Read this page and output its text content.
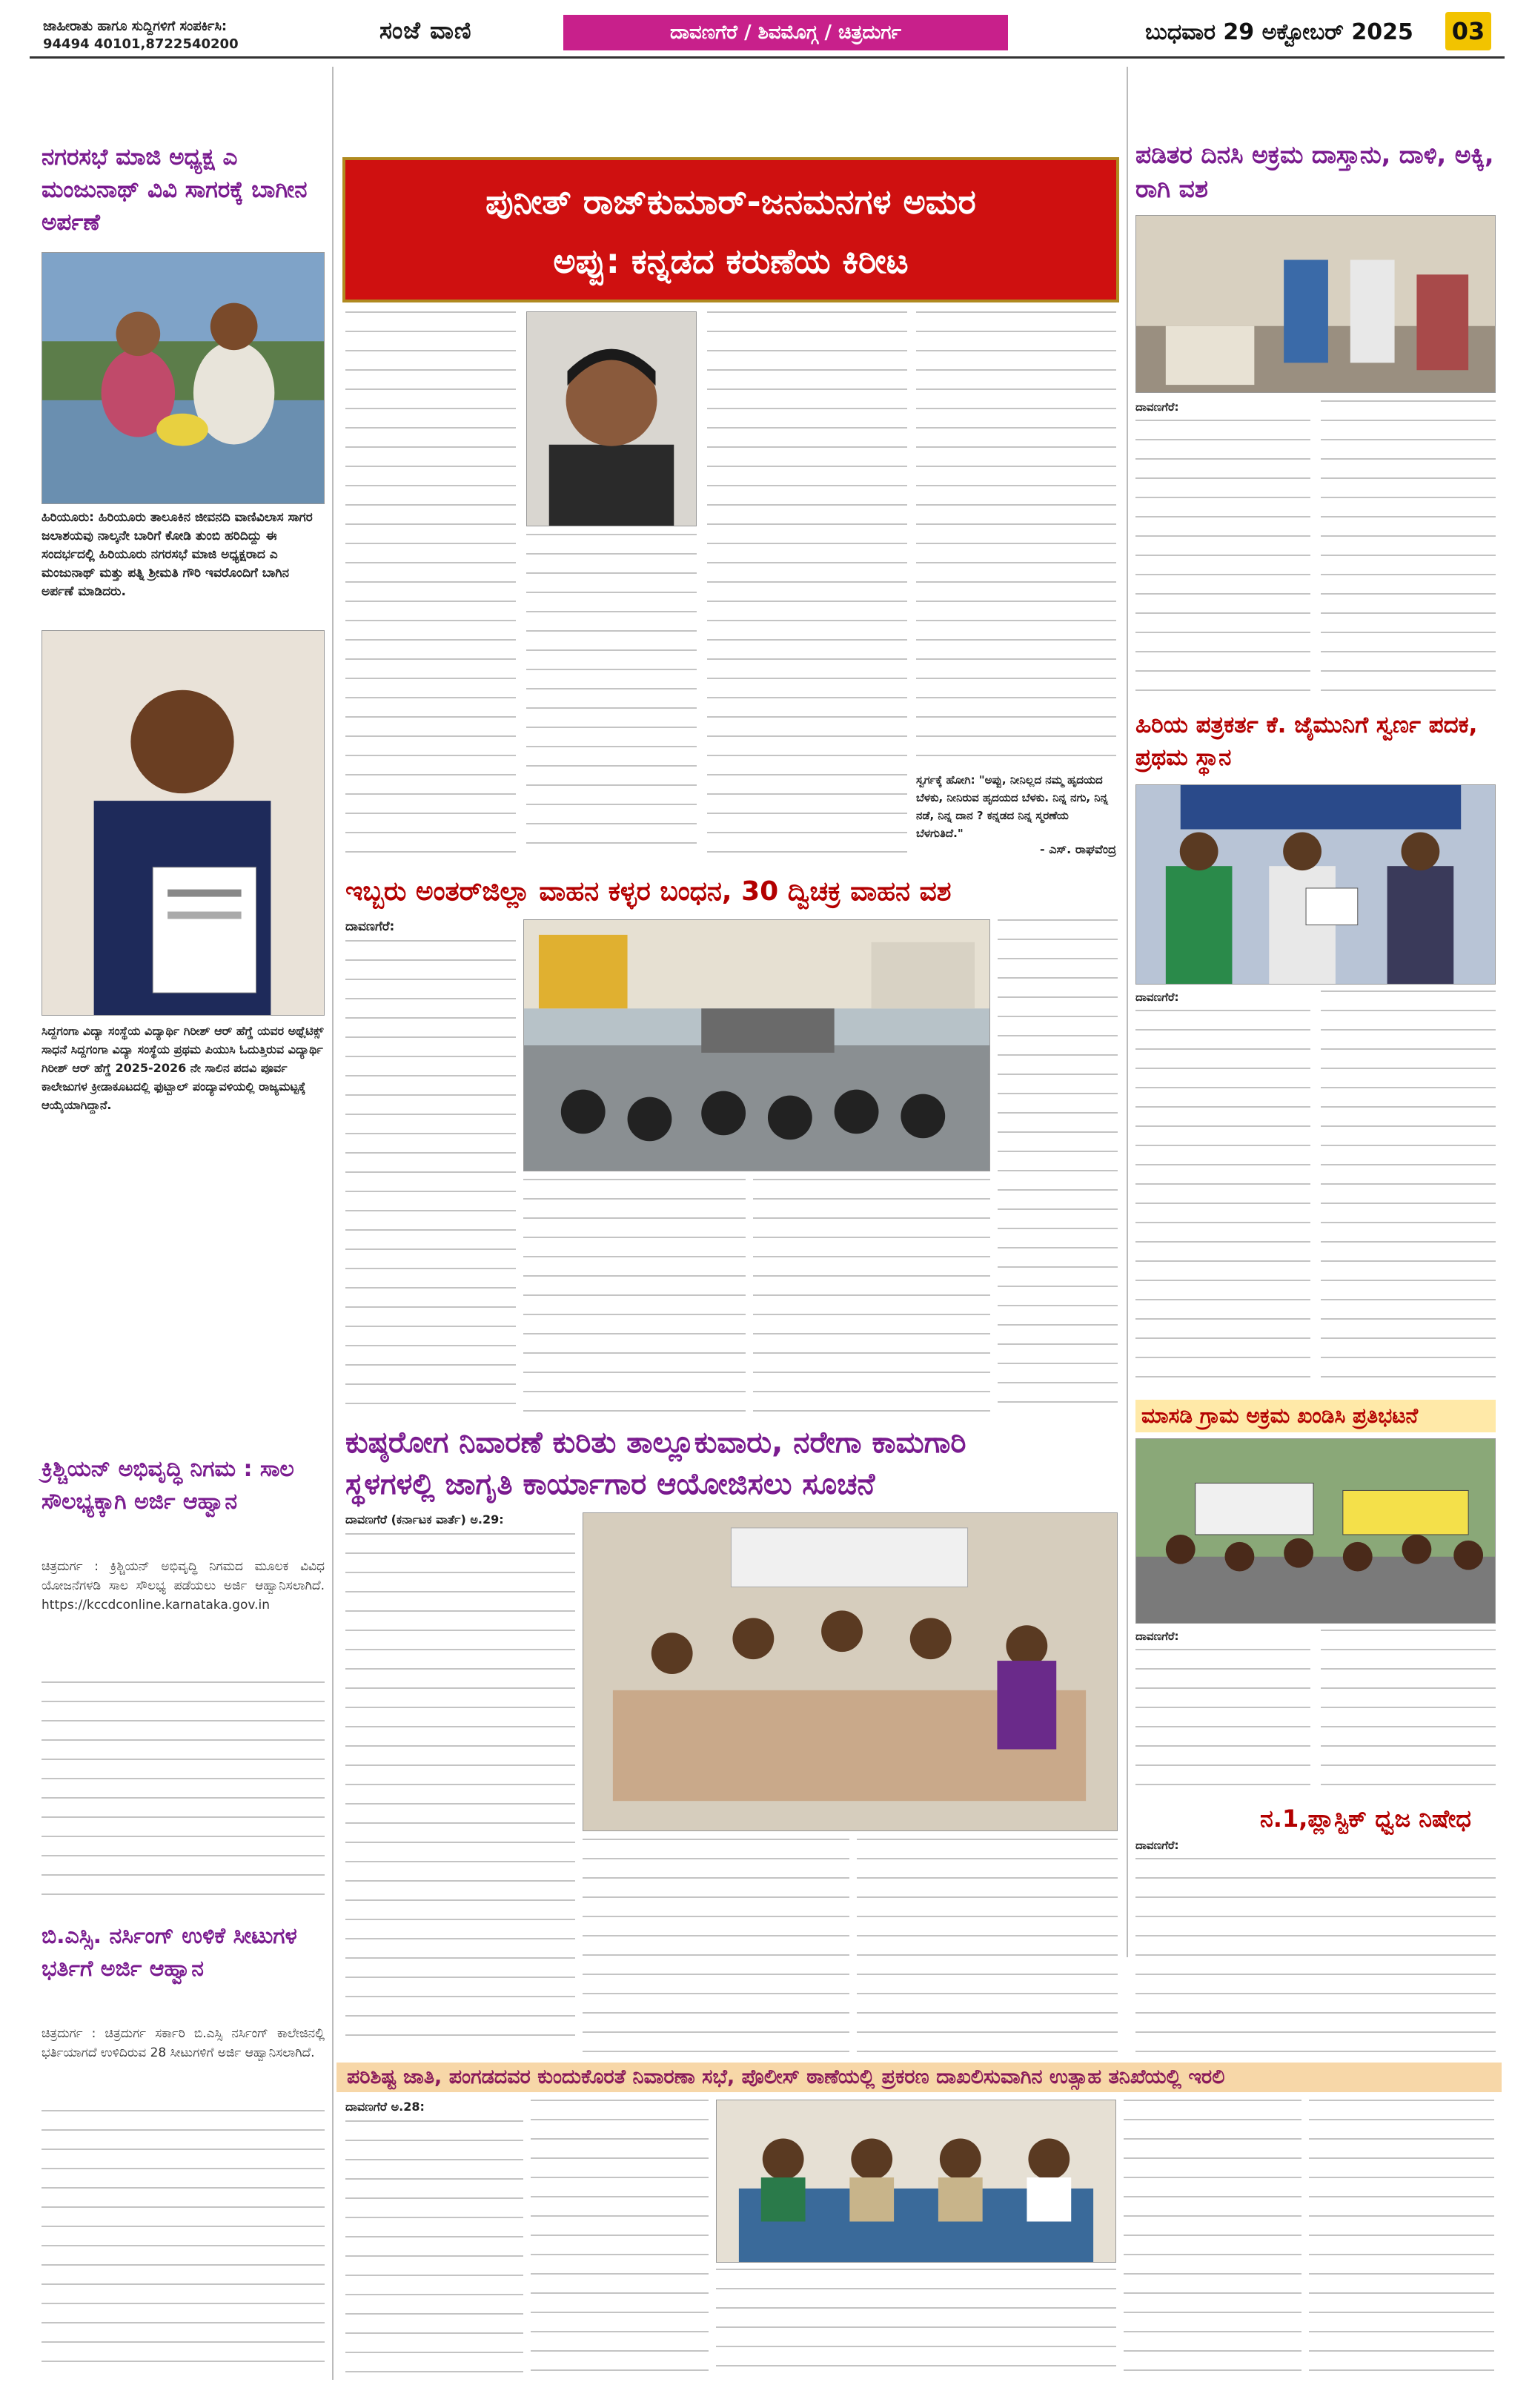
ಜಾಹೀರಾತು ಹಾಗೂ ಸುದ್ದಿಗಳಿಗೆ ಸಂಪರ್ಕಿಸಿ:
94494 40101,8722540200	ಸಂಜೆ ವಾಣಿ	ದಾವಣಗೆರೆ / ಶಿವಮೊಗ್ಗ / ಚಿತ್ರದುರ್ಗ	ಬುಧವಾರ 29 ಅಕ್ಟೋಬರ್ 2025	03
ನಗರಸಭೆ ಮಾಜಿ ಅಧ್ಯಕ್ಷ ಎ ಮಂಜುನಾಥ್ ವಿವಿ ಸಾಗರಕ್ಕೆ ಬಾಗೀನ ಅರ್ಪಣೆ
ಹಿರಿಯೂರು: ಹಿರಿಯೂರು ತಾಲೂಕಿನ ಜೀವನದಿ ವಾಣಿವಿಲಾಸ ಸಾಗರ ಜಲಾಶಯವು ನಾಲ್ಕನೇ ಬಾರಿಗೆ ಕೋಡಿ ತುಂಬಿ ಹರಿದಿದ್ದು ಈ ಸಂದರ್ಭದಲ್ಲಿ ಹಿರಿಯೂರು ನಗರಸಭೆ ಮಾಜಿ ಅಧ್ಯಕ್ಷರಾದ ಎ ಮಂಜುನಾಥ್ ಮತ್ತು ಪತ್ನಿ ಶ್ರೀಮತಿ ಗೌರಿ ಇವರೊಂದಿಗೆ ಬಾಗಿನ ಅರ್ಪಣೆ ಮಾಡಿದರು.
ಸಿದ್ದಗಂಗಾ ವಿದ್ಯಾ ಸಂಸ್ಥೆಯ ವಿದ್ಯಾರ್ಥಿ ಗಿರೀಶ್ ಆರ್ ಹೆಗ್ಡೆ ಯವರ ಅಥ್ಲೆಟಿಕ್ಸ್ ಸಾಧನೆ ಸಿದ್ದಗಂಗಾ ವಿದ್ಯಾ ಸಂಸ್ಥೆಯ ಪ್ರಥಮ ಪಿಯುಸಿ ಓದುತ್ತಿರುವ ವಿದ್ಯಾರ್ಥಿ ಗಿರೀಶ್ ಆರ್ ಹೆಗ್ಡೆ 2025-2026 ನೇ ಸಾಲಿನ ಪದವಿ ಪೂರ್ವ ಕಾಲೇಜುಗಳ ಕ್ರೀಡಾಕೂಟದಲ್ಲಿ ಫುಟ್ಬಾಲ್ ಪಂದ್ಯಾವಳಿಯಲ್ಲಿ ರಾಜ್ಯಮಟ್ಟಕ್ಕೆ ಆಯ್ಕೆಯಾಗಿದ್ದಾನೆ.
ಕ್ರಿಶ್ಚಿಯನ್ ಅಭಿವೃದ್ಧಿ ನಿಗಮ : ಸಾಲ ಸೌಲಭ್ಯಕ್ಕಾಗಿ ಅರ್ಜಿ ಆಹ್ವಾನ
ಚಿತ್ರದುರ್ಗ : ಕ್ರಿಶ್ಚಿಯನ್ ಅಭಿವೃದ್ಧಿ ನಿಗಮದ ಮೂಲಕ ವಿವಿಧ ಯೋಜನೆಗಳಡಿ ಸಾಲ ಸೌಲಭ್ಯ ಪಡೆಯಲು ಅರ್ಜಿ ಆಹ್ವಾನಿಸಲಾಗಿದೆ. https://kccdconline.karnataka.gov.in
ಬಿ.ಎಸ್ಸಿ. ನರ್ಸಿಂಗ್ ಉಳಿಕೆ ಸೀಟುಗಳ ಭರ್ತಿಗೆ ಅರ್ಜಿ ಆಹ್ವಾನ
ಚಿತ್ರದುರ್ಗ : ಚಿತ್ರದುರ್ಗ ಸರ್ಕಾರಿ ಬಿ.ಎಸ್ಸಿ ನರ್ಸಿಂಗ್ ಕಾಲೇಜಿನಲ್ಲಿ ಭರ್ತಿಯಾಗದೆ ಉಳಿದಿರುವ 28 ಸೀಟುಗಳಿಗೆ ಅರ್ಜಿ ಆಹ್ವಾನಿಸಲಾಗಿದೆ.
ಪುನೀತ್ ರಾಜ್‌ಕುಮಾರ್-ಜನಮನಗಳ ಅಮರ
ಅಪ್ಪು: ಕನ್ನಡದ ಕರುಣೆಯ ಕಿರೀಟ
ಸ್ವರ್ಗಕ್ಕೆ ಹೋಗಿ: "ಅಪ್ಪು, ನೀನಿಲ್ಲದ ನಮ್ಮ ಹೃದಯದ ಬೆಳಕು, ನೀನಿರುವ ಹೃದಯದ ಬೆಳಕು. ನಿನ್ನ ನಗು, ನಿನ್ನ ನಡೆ, ನಿನ್ನ ದಾನ ? ಕನ್ನಡದ ನಿನ್ನ ಸ್ಮರಣೆಯ ಬೆಳಗುತಿದೆ."
- ಎಸ್. ರಾಘವೆಂದ್ರ
ಇಬ್ಬರು ಅಂತರ್‌ಜಿಲ್ಲಾ ವಾಹನ ಕಳ್ಳರ ಬಂಧನ, 30 ದ್ವಿಚಕ್ರ ವಾಹನ ವಶ
ದಾವಣಗೆರೆ:
ಕುಷ್ಠರೋಗ ನಿವಾರಣೆ ಕುರಿತು ತಾಲ್ಲೂಕುವಾರು, ನರೇಗಾ ಕಾಮಗಾರಿ
ಸ್ಥಳಗಳಲ್ಲಿ ಜಾಗೃತಿ ಕಾರ್ಯಾಗಾರ ಆಯೋಜಿಸಲು ಸೂಚನೆ
ದಾವಣಗೆರೆ (ಕರ್ನಾಟಕ ವಾರ್ತೆ) ಅ.29:
ಪರಿಶಿಷ್ಟ ಜಾತಿ, ಪಂಗಡದವರ ಕುಂದುಕೊರತೆ ನಿವಾರಣಾ ಸಭೆ, ಪೊಲೀಸ್ ಠಾಣೆಯಲ್ಲಿ ಪ್ರಕರಣ ದಾಖಲಿಸುವಾಗಿನ ಉತ್ಸಾಹ ತನಿಖೆಯಲ್ಲಿ ಇರಲಿ
ದಾವಣಗೆರೆ ಅ.28:
ಪಡಿತರ ದಿನಸಿ ಅಕ್ರಮ ದಾಸ್ತಾನು, ದಾಳಿ, ಅಕ್ಕಿ, ರಾಗಿ ವಶ
ದಾವಣಗೆರೆ:
ಹಿರಿಯ ಪತ್ರಕರ್ತ ಕೆ. ಜೈಮುನಿಗೆ ಸ್ವರ್ಣ ಪದಕ, ಪ್ರಥಮ ಸ್ಥಾನ
ದಾವಣಗೆರೆ:
ಮಾಸಡಿ ಗ್ರಾಮ ಅಕ್ರಮ ಖಂಡಿಸಿ ಪ್ರತಿಭಟನೆ
ದಾವಣಗೆರೆ:
ನ.1,ಪ್ಲಾಸ್ಟಿಕ್ ಧ್ವಜ ನಿಷೇಧ
ದಾವಣಗೆರೆ:
